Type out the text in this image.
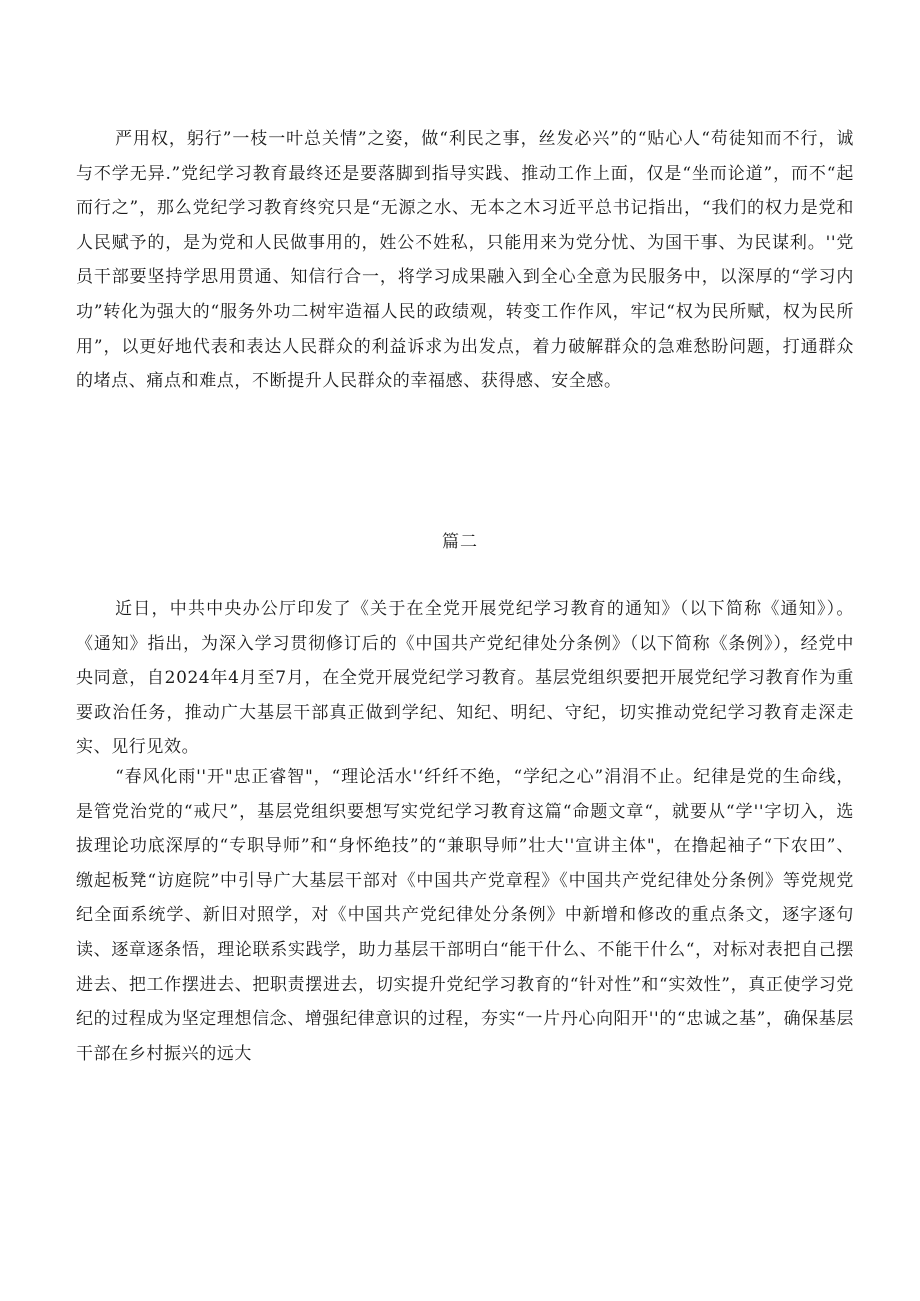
严用权，躬行”一枝一叶总关情”之姿，做“利民之事，丝发必兴”的“贴心人“苟徒知而不行，诚与不学无异.”党纪学习教育最终还是要落脚到指导实践、推动工作上面，仅是“坐而论道”，而不“起而行之”，那么党纪学习教育终究只是“无源之水、无本之木习近平总书记指出，“我们的权力是党和人民赋予的，是为党和人民做事用的，姓公不姓私，只能用来为党分忧、为国干事、为民谋利。''党员干部要坚持学思用贯通、知信行合一，将学习成果融入到全心全意为民服务中，以深厚的“学习内功”转化为强大的“服务外功二树牢造福人民的政绩观，转变工作作风，牢记“权为民所赋，权为民所用”，以更好地代表和表达人民群众的利益诉求为出发点，着力破解群众的急难愁盼问题，打通群众的堵点、痛点和难点，不断提升人民群众的幸福感、获得感、安全感。

篇二

近日，中共中央办公厅印发了《关于在全党开展党纪学习教育的通知》（以下简称《通知》）。《通知》指出，为深入学习贯彻修订后的《中国共产党纪律处分条例》（以下简称《条例》），经党中央同意，自2024年4月至7月，在全党开展党纪学习教育。基层党组织要把开展党纪学习教育作为重要政治任务，推动广大基层干部真正做到学纪、知纪、明纪、守纪，切实推动党纪学习教育走深走实、见行见效。

“春风化雨''开"忠正睿智"，“理论活水'‘纤纤不绝，“学纪之心”涓涓不止。纪律是党的生命线，是管党治党的“戒尺”，基层党组织要想写实党纪学习教育这篇“命题文章“，就要从“学''字切入，选拔理论功底深厚的“专职导师”和“身怀绝技”的“兼职导师”壮大''宣讲主体"，在撸起袖子“下农田”、缴起板凳“访庭院”中引导广大基层干部对《中国共产党章程》《中国共产党纪律处分条例》等党规党纪全面系统学、新旧对照学，对《中国共产党纪律处分条例》中新增和修改的重点条文，逐字逐句读、逐章逐条悟，理论联系实践学，助力基层干部明白“能干什么、不能干什么“，对标对表把自己摆进去、把工作摆进去、把职责摆进去，切实提升党纪学习教育的“针对性”和“实效性”，真正使学习党纪的过程成为坚定理想信念、增强纪律意识的过程，夯实“一片丹心向阳开''的“忠诚之基”，确保基层干部在乡村振兴的远大
